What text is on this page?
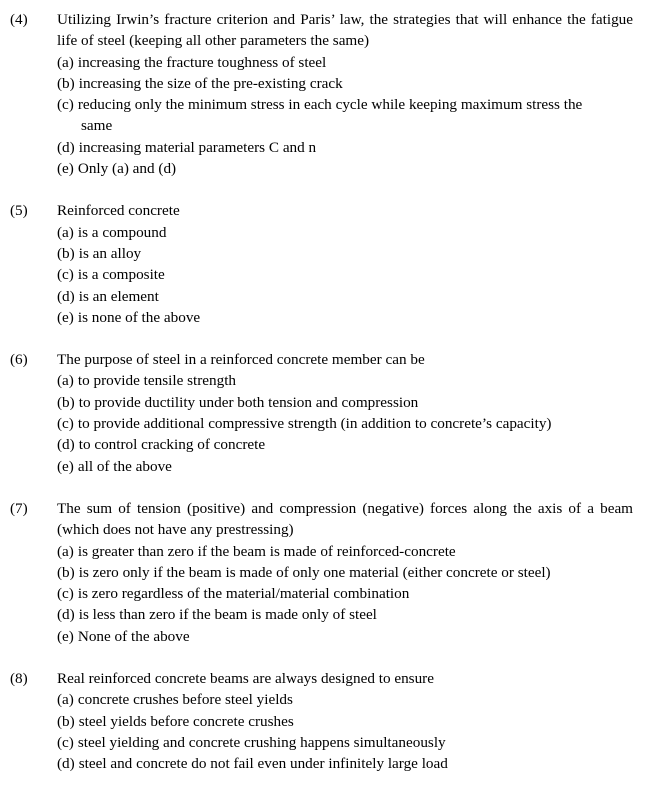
(4) Utilizing Irwin’s fracture criterion and Paris’ law, the strategies that will enhance the fatigue life of steel (keeping all other parameters the same)
(a) increasing the fracture toughness of steel
(b) increasing the size of the pre-existing crack
(c) reducing only the minimum stress in each cycle while keeping maximum stress the
same
(d) increasing material parameters C and n
(e) Only (a) and (d)
(5) Reinforced concrete
(a) is a compound
(b) is an alloy
(c) is a composite
(d) is an element
(e) is none of the above
(6) The purpose of steel in a reinforced concrete member can be
(a) to provide tensile strength
(b) to provide ductility under both tension and compression
(c) to provide additional compressive strength (in addition to concrete’s capacity)
(d) to control cracking of concrete
(e) all of the above
(7) The sum of tension (positive) and compression (negative) forces along the axis of a beam (which does not have any prestressing)
(a) is greater than zero if the beam is made of reinforced-concrete
(b) is zero only if the beam is made of only one material (either concrete or steel)
(c) is zero regardless of the material/material combination
(d) is less than zero if the beam is made only of steel
(e) None of the above
(8) Real reinforced concrete beams are always designed to ensure
(a) concrete crushes before steel yields
(b) steel yields before concrete crushes
(c) steel yielding and concrete crushing happens simultaneously
(d) steel and concrete do not fail even under infinitely large load
